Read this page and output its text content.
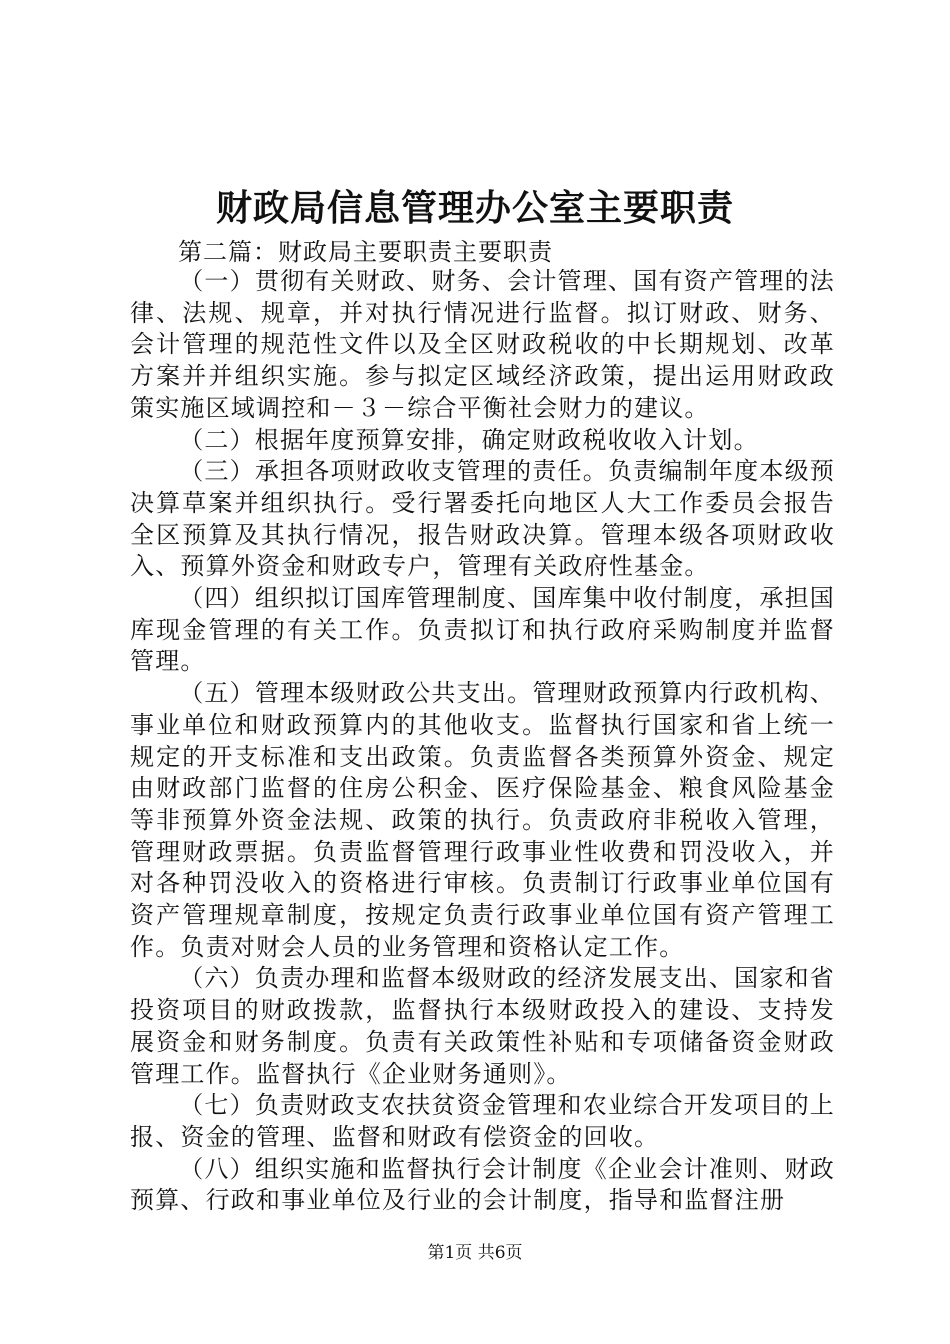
财政局信息管理办公室主要职责
第二篇：财政局主要职责主要职责

（一）贯彻有关财政、财务、会计管理、国有资产管理的法律、法规、规章，并对执行情况进行监督。拟订财政、财务、会计管理的规范性文件以及全区财政税收的中长期规划、改革方案并并组织实施。参与拟定区域经济政策，提出运用财政政策实施区域调控和－３－综合平衡社会财力的建议。

（二）根据年度预算安排，确定财政税收收入计划。

（三）承担各项财政收支管理的责任。负责编制年度本级预决算草案并组织执行。受行署委托向地区人大工作委员会报告全区预算及其执行情况，报告财政决算。管理本级各项财政收入、预算外资金和财政专户，管理有关政府性基金。

（四）组织拟订国库管理制度、国库集中收付制度，承担国库现金管理的有关工作。负责拟订和执行政府采购制度并监督管理。

（五）管理本级财政公共支出。管理财政预算内行政机构、事业单位和财政预算内的其他收支。监督执行国家和省上统一规定的开支标准和支出政策。负责监督各类预算外资金、规定由财政部门监督的住房公积金、医疗保险基金、粮食风险基金等非预算外资金法规、政策的执行。负责政府非税收入管理，管理财政票据。负责监督管理行政事业性收费和罚没收入，并对各种罚没收入的资格进行审核。负责制订行政事业单位国有资产管理规章制度，按规定负责行政事业单位国有资产管理工作。负责对财会人员的业务管理和资格认定工作。

（六）负责办理和监督本级财政的经济发展支出、国家和省投资项目的财政拨款，监督执行本级财政投入的建设、支持发展资金和财务制度。负责有关政策性补贴和专项储备资金财政管理工作。监督执行《企业财务通则》。

（七）负责财政支农扶贫资金管理和农业综合开发项目的上报、资金的管理、监督和财政有偿资金的回收。

（八）组织实施和监督执行会计制度《企业会计准则、财政预算、行政和事业单位及行业的会计制度，指导和监督注册

第1页 共6页
